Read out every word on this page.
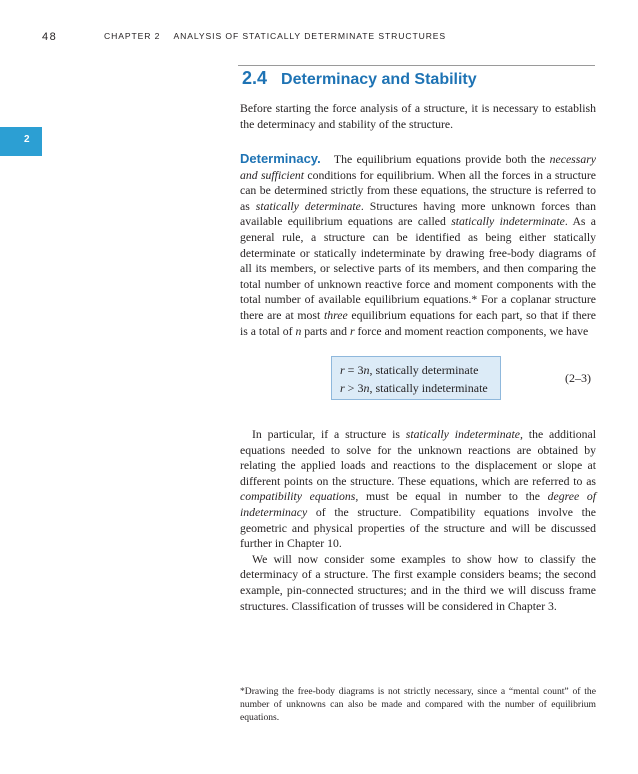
48	CHAPTER 2 ANALYSIS OF STATICALLY DETERMINATE STRUCTURES
2
2.4 Determinacy and Stability
Before starting the force analysis of a structure, it is necessary to establish the determinacy and stability of the structure.
Determinacy. The equilibrium equations provide both the necessary and sufficient conditions for equilibrium. When all the forces in a structure can be determined strictly from these equations, the structure is referred to as statically determinate. Structures having more unknown forces than available equilibrium equations are called statically indeterminate. As a general rule, a structure can be identified as being either statically determinate or statically indeterminate by drawing free-body diagrams of all its members, or selective parts of its members, and then comparing the total number of unknown reactive force and moment components with the total number of available equilibrium equations.* For a coplanar structure there are at most three equilibrium equations for each part, so that if there is a total of n parts and r force and moment reaction components, we have
r = 3n, statically determinate
r > 3n, statically indeterminate
(2–3)

In particular, if a structure is statically indeterminate, the additional equations needed to solve for the unknown reactions are obtained by relating the applied loads and reactions to the displacement or slope at different points on the structure. These equations, which are referred to as compatibility equations, must be equal in number to the degree of indeterminacy of the structure. Compatibility equations involve the geometric and physical properties of the structure and will be discussed further in Chapter 10.

We will now consider some examples to show how to classify the determinacy of a structure. The first example considers beams; the second example, pin-connected structures; and in the third we will discuss frame structures. Classification of trusses will be considered in Chapter 3.

*Drawing the free-body diagrams is not strictly necessary, since a “mental count” of the number of unknowns can also be made and compared with the number of equilibrium equations.
